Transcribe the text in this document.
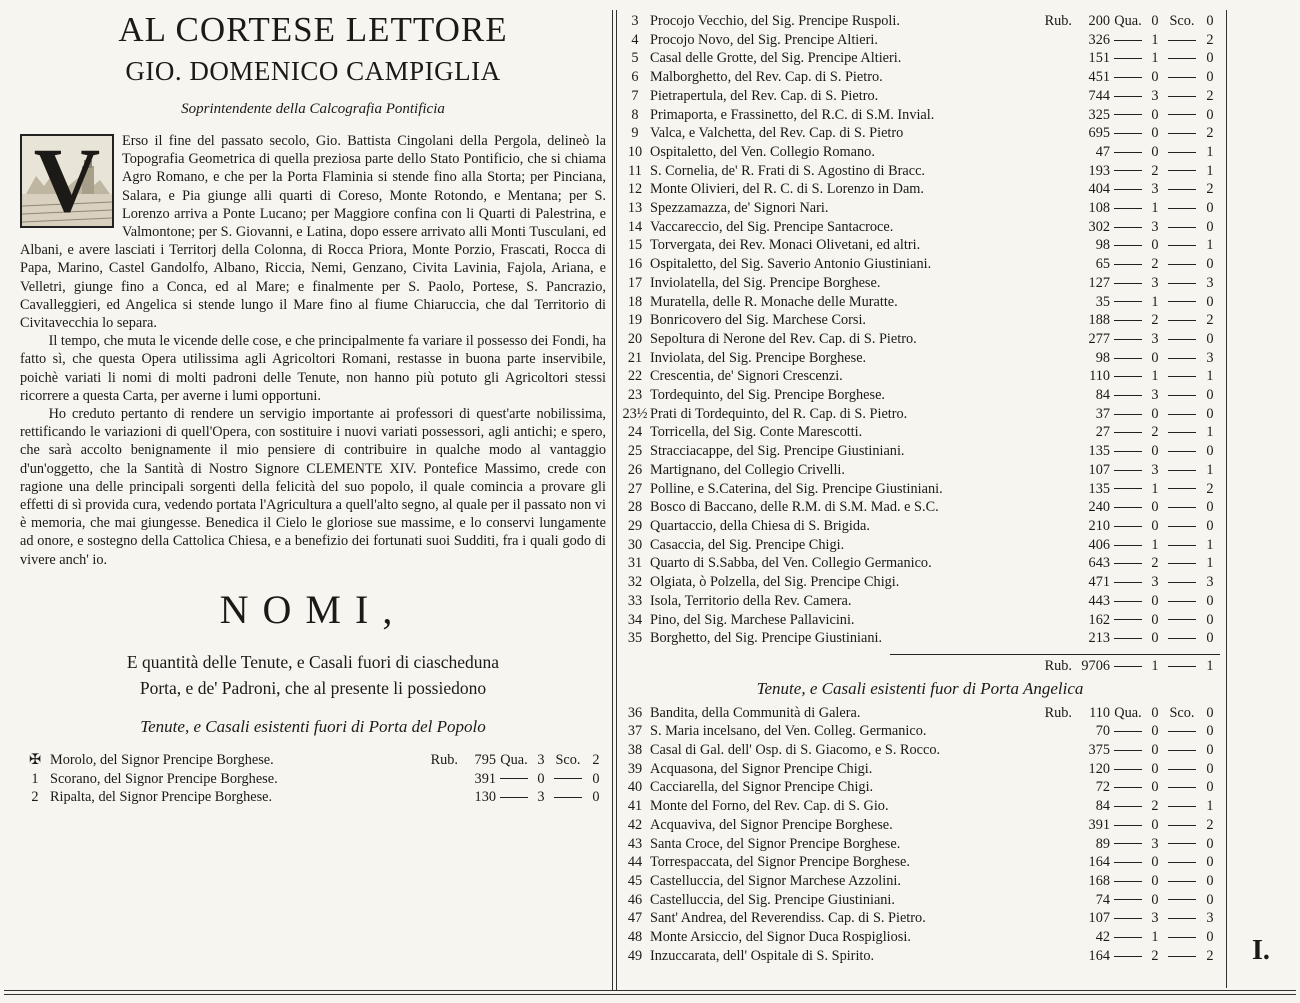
AL CORTESE LETTORE
GIO. DOMENICO CAMPIGLIA
Soprintendente della Calcografia Pontificia
V	Erso il fine del passato secolo, Gio. Battista Cingolani della Pergola, delineò la Topografia Geometrica di quella preziosa parte dello Stato Pontificio, che si chiama Agro Romano, e che per la Porta Flaminia si stende fino alla Storta; per Pinciana, Salara, e Pia giunge alli quarti di Coreso, Monte Rotondo, e Mentana; per S. Lorenzo arriva a Ponte Lucano; per Maggiore confina con li Quarti di Palestrina, e Valmontone; per S. Giovanni, e Latina, dopo essere arrivato alli Monti Tusculani, ed Albani, e avere lasciati i Territorj della Colonna, di Rocca Priora, Monte Porzio, Frascati, Rocca di Papa, Marino, Castel Gandolfo, Albano, Riccia, Nemi, Genzano, Civita Lavinia, Fajola, Ariana, e Velletri, giunge fino a Conca, ed al Mare; e finalmente per S. Paolo, Portese, S. Pancrazio, Cavalleggieri, ed Angelica si stende lungo il Mare fino al fiume Chiaruccia, che dal Territorio di Civitavecchia lo separa.

Il tempo, che muta le vicende delle cose, e che principalmente fa variare il possesso dei Fondi, ha fatto sì, che questa Opera utilissima agli Agricoltori Romani, restasse in buona parte inservibile, poichè variati li nomi di molti padroni delle Tenute, non hanno più potuto gli Agricoltori stessi ricorrere a questa Carta, per averne i lumi opportuni.

Ho creduto pertanto di rendere un servigio importante ai professori di quest'arte nobilissima, rettificando le variazioni di quell'Opera, con sostituire i nuovi variati possessori, agli antichi; e spero, che sarà accolto benignamente il mio pensiere di contribuire in qualche modo al vantaggio d'un'oggetto, che la Santità di Nostro Signore CLEMENTE XIV. Pontefice Massimo, crede con ragione una delle principali sorgenti della felicità del suo popolo, il quale comincia a provare gli effetti di sì provida cura, vedendo portata l'Agricultura a quell'alto segno, al quale per il passato non vi è memoria, che mai giungesse. Benedica il Cielo le gloriose sue massime, e lo conservi lungamente ad onore, e sostegno della Cattolica Chiesa, e a benefizio dei fortunati suoi Sudditi, fra i quali godo di vivere anch' io.

NOMI,
E quantità delle Tenute, e Casali fuori di ciascheduna
Porta, e de' Padroni, che al presente li possiedono
Tenute, e Casali esistenti fuori di Porta del Popolo
✠	Morolo, del Signor Prencipe Borghese.	Rub.	795	Qua.	3	Sco.	2
1	Scorano, del Signor Prencipe Borghese.		391		0		0
2	Ripalta, del Signor Prencipe Borghese.		130		3		0
3	Procojo Vecchio, del Sig. Prencipe Ruspoli.	Rub.	200	Qua.	0	Sco.	0
4	Procojo Novo, del Sig. Prencipe Altieri.		326		1		2
5	Casal delle Grotte, del Sig. Prencipe Altieri.		151		1		0
6	Malborghetto, del Rev. Cap. di S. Pietro.		451		0		0
7	Pietrapertula, del Rev. Cap. di S. Pietro.		744		3		2
8	Primaporta, e Frassinetto, del R.C. di S.M. Invial.		325		0		0
9	Valca, e Valchetta, del Rev. Cap. di S. Pietro		695		0		2
10	Ospitaletto, del Ven. Collegio Romano.		47		0		1
11	S. Cornelia, de' R. Frati di S. Agostino di Bracc.		193		2		1
12	Monte Olivieri, del R. C. di S. Lorenzo in Dam.		404		3		2
13	Spezzamazza, de' Signori Nari.		108		1		0
14	Vaccareccio, del Sig. Prencipe Santacroce.		302		3		0
15	Torvergata, dei Rev. Monaci Olivetani, ed altri.		98		0		1
16	Ospitaletto, del Sig. Saverio Antonio Giustiniani.		65		2		0
17	Inviolatella, del Sig. Prencipe Borghese.		127		3		3
18	Muratella, delle R. Monache delle Muratte.		35		1		0
19	Bonricovero del Sig. Marchese Corsi.		188		2		2
20	Sepoltura di Nerone del Rev. Cap. di S. Pietro.		277		3		0
21	Inviolata, del Sig. Prencipe Borghese.		98		0		3
22	Crescentia, de' Signori Crescenzi.		110		1		1
23	Tordequinto, del Sig. Prencipe Borghese.		84		3		0
23½	Prati di Tordequinto, del R. Cap. di S. Pietro.		37		0		0
24	Torricella, del Sig. Conte Marescotti.		27		2		1
25	Stracciacappe, del Sig. Prencipe Giustiniani.		135		0		0
26	Martignano, del Collegio Crivelli.		107		3		1
27	Polline, e S.Caterina, del Sig. Prencipe Giustiniani.		135		1		2
28	Bosco di Baccano, delle R.M. di S.M. Mad. e S.C.		240		0		0
29	Quartaccio, della Chiesa di S. Brigida.		210		0		0
30	Casaccia, del Sig. Prencipe Chigi.		406		1		1
31	Quarto di S.Sabba, del Ven. Collegio Germanico.		643		2		1
32	Olgiata, ò Polzella, del Sig. Prencipe Chigi.		471		3		3
33	Isola, Territorio della Rev. Camera.		443		0		0
34	Pino, del Sig. Marchese Pallavicini.		162		0		0
35	Borghetto, del Sig. Prencipe Giustiniani.		213		0		0
		Rub.	9706		1		1
Tenute, e Casali esistenti fuor di Porta Angelica
36	Bandita, della Communità di Galera.	Rub.	110	Qua.	0	Sco.	0
37	S. Maria incelsano, del Ven. Colleg. Germanico.		70		0		0
38	Casal di Gal. dell' Osp. di S. Giacomo, e S. Rocco.		375		0		0
39	Acquasona, del Signor Prencipe Chigi.		120		0		0
40	Cacciarella, del Signor Prencipe Chigi.		72		0		0
41	Monte del Forno, del Rev. Cap. di S. Gio.		84		2		1
42	Acquaviva, del Signor Prencipe Borghese.		391		0		2
43	Santa Croce, del Signor Prencipe Borghese.		89		3		0
44	Torrespaccata, del Signor Prencipe Borghese.		164		0		0
45	Castelluccia, del Signor Marchese Azzolini.		168		0		0
46	Castelluccia, del Sig. Prencipe Giustiniani.		74		0		0
47	Sant' Andrea, del Reverendiss. Cap. di S. Pietro.		107		3		3
48	Monte Arsiccio, del Signor Duca Rospigliosi.		42		1		0
49	Inzuccarata, dell' Ospitale di S. Spirito.		164		2		2 I.
